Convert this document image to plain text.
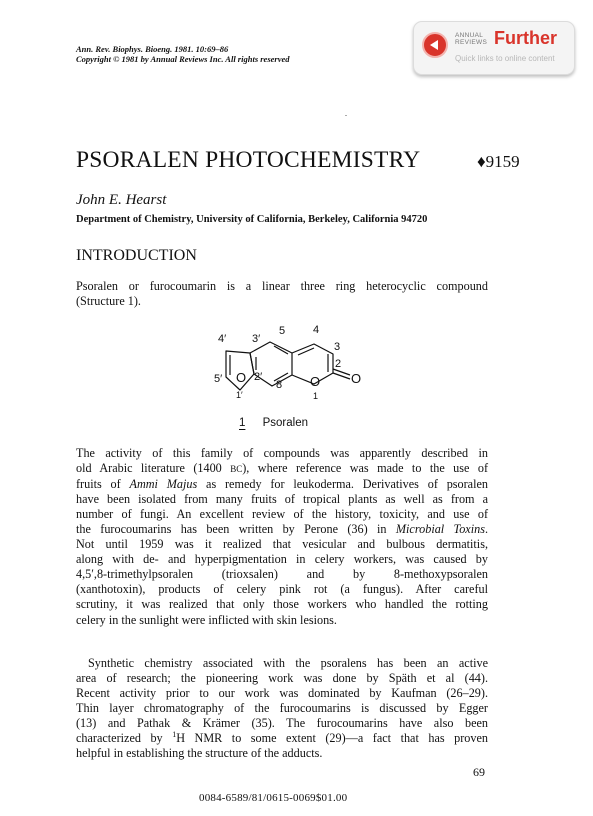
Ann. Rev. Biophys. Bioeng. 1981. 10:69–86
Copyright © 1981 by Annual Reviews Inc. All rights reserved
ANNUAL
REVIEWS Further
Quick links to online content
PSORALEN PHOTOCHEMISTRY	♦9159
John E. Hearst
Department of Chemistry, University of California, Berkeley, California 94720
INTRODUCTION
Psoralen or furocoumarin is a linear three ring heterocyclic compound
(Structure 1).
4′ 3′
5	4
3
2
5′ O 2′
8 O O
1′	1
1 Psoralen
The activity of this family of compounds was apparently described in
old Arabic literature (1400 BC), where reference was made to the use of
fruits of Ammi Majus as remedy for leukoderma. Derivatives of psoralen
have been isolated from many fruits of tropical plants as well as from a
number of fungi. An excellent review of the history, toxicity, and use of
the furocoumarins has been written by Perone (36) in Microbial Toxins.
Not until 1959 was it realized that vesicular and bulbous dermatitis,
along with de- and hyperpigmentation in celery workers, was caused by
4,5′,8-trimethylpsoralen (trioxsalen) and by 8-methoxypsoralen
(xanthotoxin), products of celery pink rot (a fungus). After careful
scrutiny, it was realized that only those workers who handled the rotting
celery in the sunlight were inflicted with skin lesions.
Synthetic chemistry associated with the psoralens has been an active
area of research; the pioneering work was done by Späth et al (44).
Recent activity prior to our work was dominated by Kaufman (26–29).
Thin layer chromatography of the furocoumarins is discussed by Egger
(13) and Pathak & Krämer (35). The furocoumarins have also been
characterized by $^1$H NMR to some extent (29)—a fact that has proven
helpful in establishing the structure of the adducts.
69
0084-6589/81/0615-0069$01.00
